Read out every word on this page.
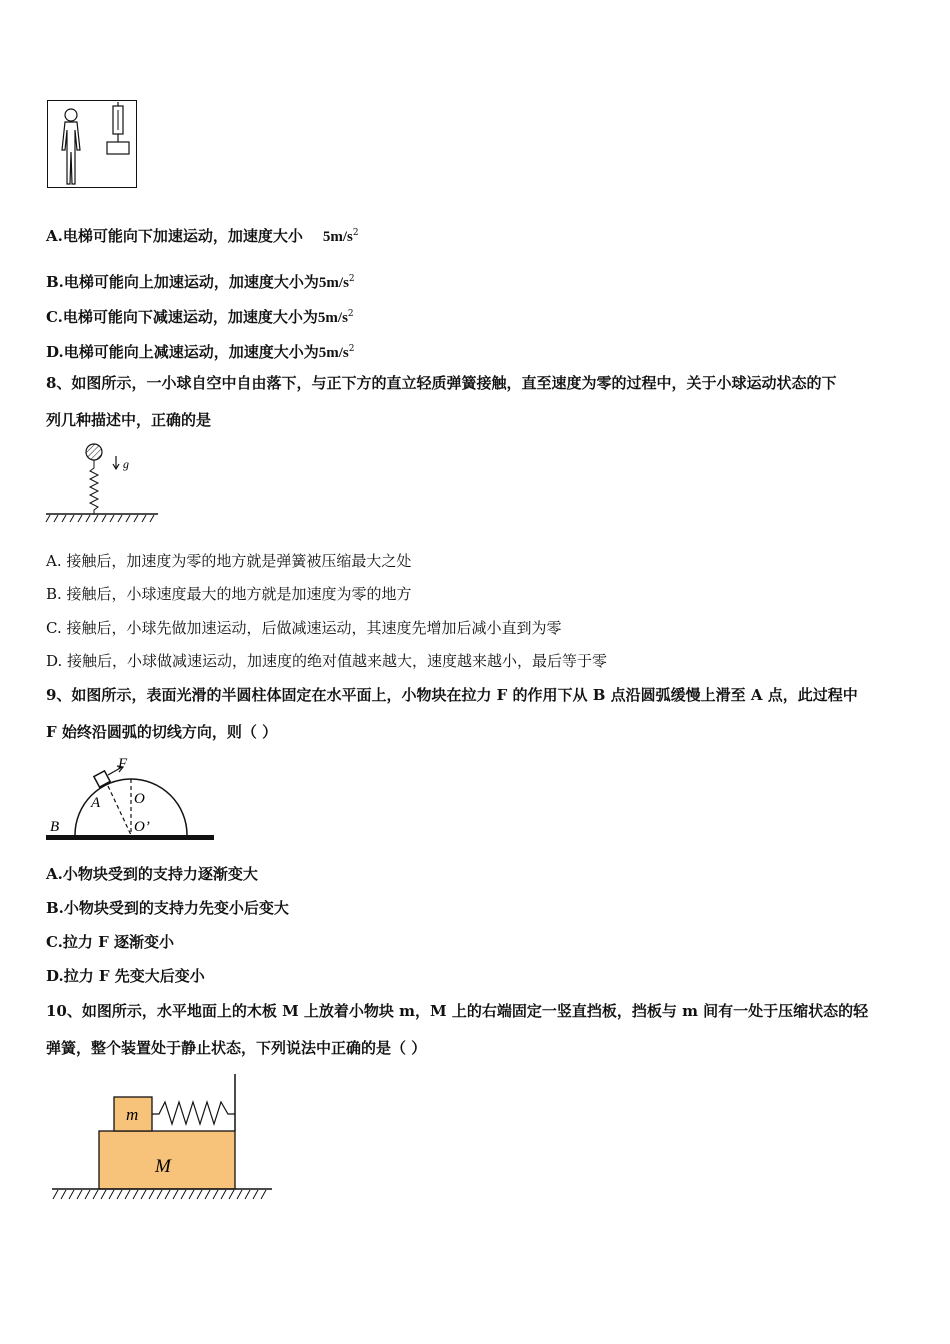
A.电梯可能向下加速运动，加速度大小 $5m/s^2$
B.电梯可能向上加速运动，加速度大小为$5m/s^2$
C.电梯可能向下减速运动，加速度大小为$5m/s^2$
D.电梯可能向上减速运动，加速度大小为$5m/s^2$
8、如图所示，一小球自空中自由落下，与正下方的直立轻质弹簧接触，直至速度为零的过程中，关于小球运动状态的下
列几种描述中，正确的是
g
A. 接触后，加速度为零的地方就是弹簧被压缩最大之处
B. 接触后，小球速度最大的地方就是加速度为零的地方
C. 接触后，小球先做加速运动，后做减速运动，其速度先增加后减小直到为零
D. 接触后，小球做减速运动，加速度的绝对值越来越大，速度越来越小，最后等于零
9、如图所示，表面光滑的半圆柱体固定在水平面上，小物块在拉力 F 的作用下从 B 点沿圆弧缓慢上滑至 A 点，此过程中
F 始终沿圆弧的切线方向，则（ ）
F
A O
O’
B
A.小物块受到的支持力逐渐变大
B.小物块受到的支持力先变小后变大
C.拉力 F 逐渐变小
D.拉力 F 先变大后变小
10、如图所示，水平地面上的木板 M 上放着小物块 m，M 上的右端固定一竖直挡板，挡板与 m 间有一处于压缩状态的轻
弹簧，整个装置处于静止状态，下列说法中正确的是（ ）
m
M
